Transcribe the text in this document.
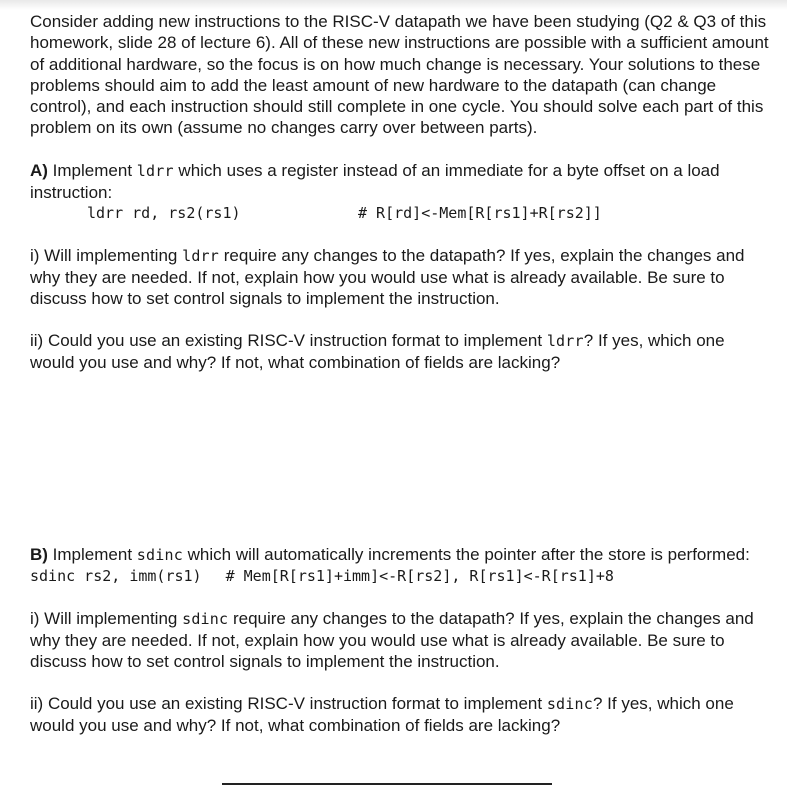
Consider adding new instructions to the RISC-V datapath we have been studying (Q2 & Q3 of this homework, slide 28 of lecture 6). All of these new instructions are possible with a sufficient amount of additional hardware, so the focus is on how much change is necessary. Your solutions to these problems should aim to add the least amount of new hardware to the datapath (can change control), and each instruction should still complete in one cycle. You should solve each part of this problem on its own (assume no changes carry over between parts).

A) Implement ldrr which uses a register instead of an immediate for a byte offset on a load instruction:

ldrr rd, rs2(rs1)	# R[rd]<-Mem[R[rs1]+R[rs2]]

i) Will implementing ldrr require any changes to the datapath? If yes, explain the changes and why they are needed. If not, explain how you would use what is already available. Be sure to discuss how to set control signals to implement the instruction.

ii) Could you use an existing RISC-V instruction format to implement ldrr? If yes, which one would you use and why? If not, what combination of fields are lacking?

B) Implement sdinc which will automatically increments the pointer after the store is performed:

sdinc rs2, imm(rs1) # Mem[R[rs1]+imm]<-R[rs2], R[rs1]<-R[rs1]+8

i) Will implementing sdinc require any changes to the datapath? If yes, explain the changes and why they are needed. If not, explain how you would use what is already available. Be sure to discuss how to set control signals to implement the instruction.

ii) Could you use an existing RISC-V instruction format to implement sdinc? If yes, which one would you use and why? If not, what combination of fields are lacking?
